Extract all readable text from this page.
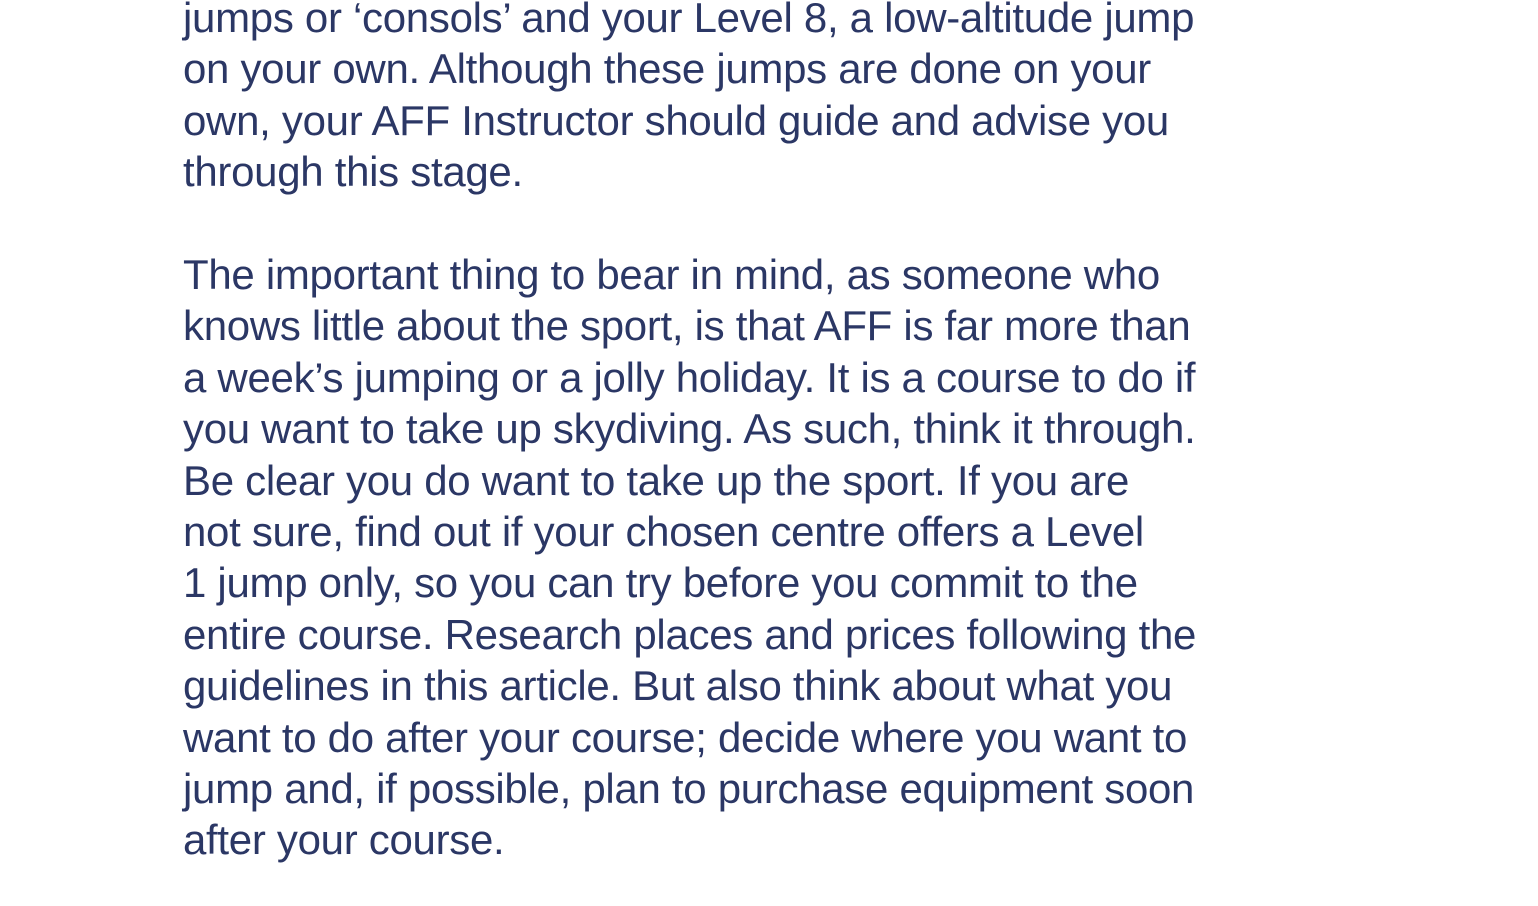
jumps or ‘consols’ and your Level 8, a low-altitude jump
on your own. Although these jumps are done on your
own, your AFF Instructor should guide and advise you
through this stage.
The important thing to bear in mind, as someone who
knows little about the sport, is that AFF is far more than
a week’s jumping or a jolly holiday. It is a course to do if
you want to take up skydiving. As such, think it through.
Be clear you do want to take up the sport. If you are
not sure, find out if your chosen centre offers a Level
1 jump only, so you can try before you commit to the
entire course. Research places and prices following the
guidelines in this article. But also think about what you
want to do after your course; decide where you want to
jump and, if possible, plan to purchase equipment soon
after your course.
